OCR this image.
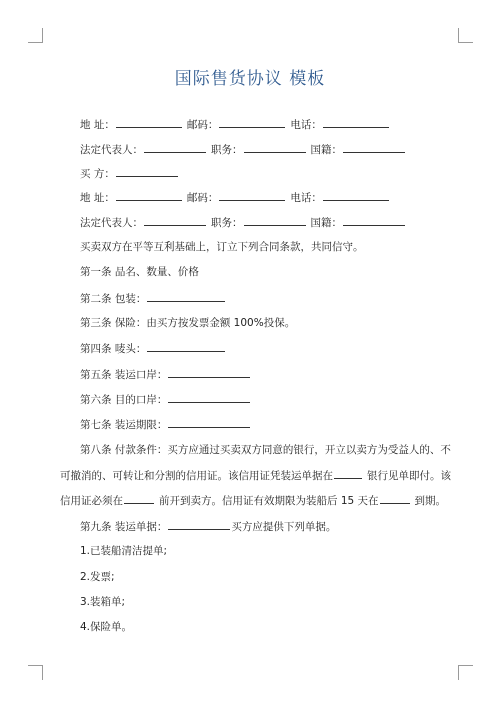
国际售货协议 模板
地 址：	邮码：	电话：
法定代表人：	职务：	国籍：
买 方：
地 址：	邮码：	电话：
法定代表人：	职务：	国籍：
买卖双方在平等互利基础上，订立下列合同条款，共同信守。
第一条 品名、数量、价格
第二条 包装：
第三条 保险：由买方按发票金额 100%投保。
第四条 唛头：
第五条 装运口岸：
第六条 目的口岸：
第七条 装运期限：
第八条 付款条件：买方应通过买卖双方同意的银行，开立以卖方为受益人的、不
可撤消的、可转让和分割的信用证。该信用证凭装运单据在	银行见单即付。该
信用证必须在	前开到卖方。信用证有效期限为装船后 15 天在	到期。
第九条 装运单据：	买方应提供下列单据。
1.已装船清洁提单;
2.发票;
3.装箱单;
4.保险单。
